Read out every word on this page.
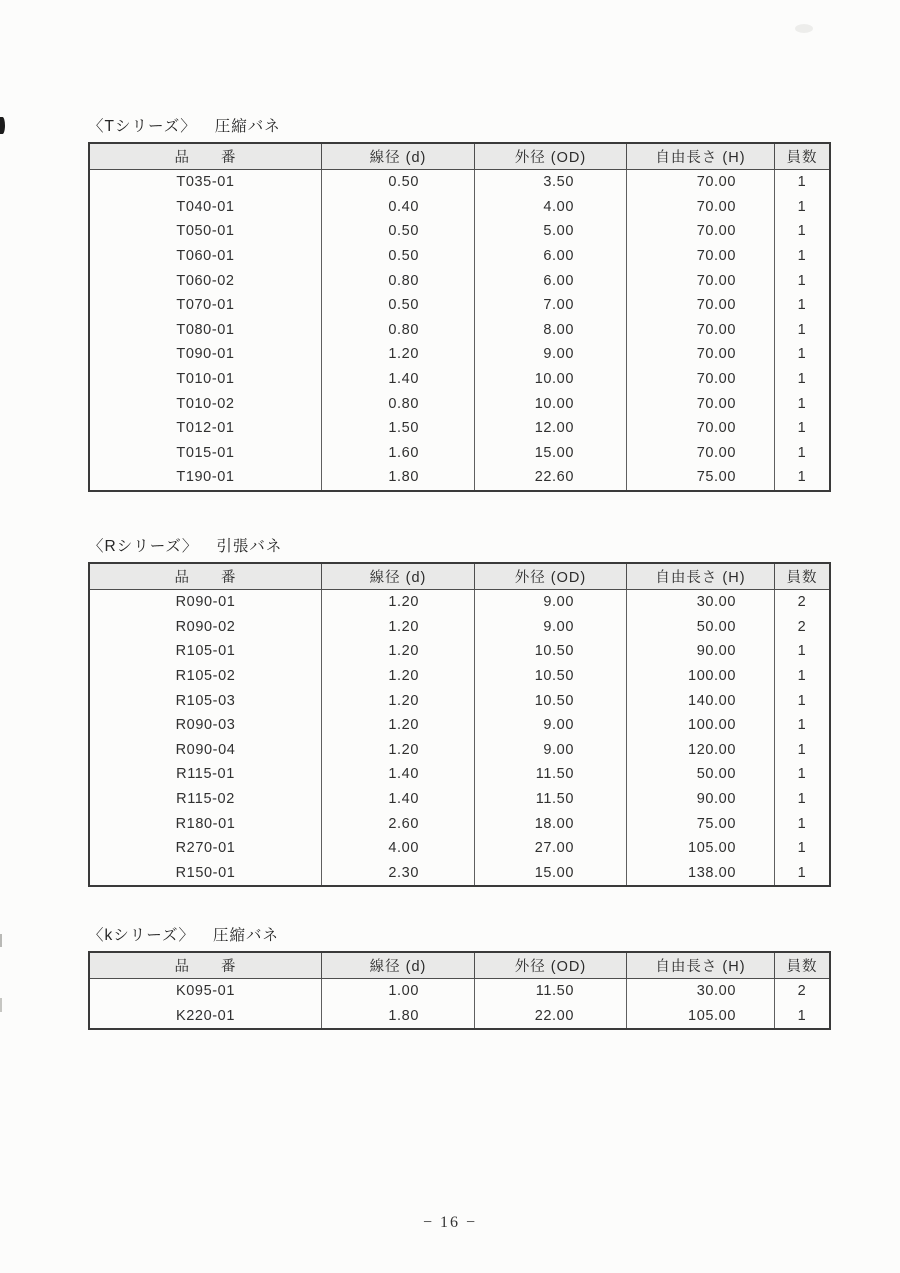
〈Tシリーズ〉 圧縮バネ
品　　番	線径 (d)	外径 (OD)	自由長さ (H)	員数
T035-01	0.50	3.50	70.00	1
T040-01	0.40	4.00	70.00	1
T050-01	0.50	5.00	70.00	1
T060-01	0.50	6.00	70.00	1
T060-02	0.80	6.00	70.00	1
T070-01	0.50	7.00	70.00	1
T080-01	0.80	8.00	70.00	1
T090-01	1.20	9.00	70.00	1
T010-01	1.40	10.00	70.00	1
T010-02	0.80	10.00	70.00	1
T012-01	1.50	12.00	70.00	1
T015-01	1.60	15.00	70.00	1
T190-01	1.80	22.60	75.00	1
〈Rシリーズ〉 引張バネ
品　　番	線径 (d)	外径 (OD)	自由長さ (H)	員数
R090-01	1.20	9.00	30.00	2
R090-02	1.20	9.00	50.00	2
R105-01	1.20	10.50	90.00	1
R105-02	1.20	10.50	100.00	1
R105-03	1.20	10.50	140.00	1
R090-03	1.20	9.00	100.00	1
R090-04	1.20	9.00	120.00	1
R115-01	1.40	11.50	50.00	1
R115-02	1.40	11.50	90.00	1
R180-01	2.60	18.00	75.00	1
R270-01	4.00	27.00	105.00	1
R150-01	2.30	15.00	138.00	1
〈kシリーズ〉 圧縮バネ
品　　番	線径 (d)	外径 (OD)	自由長さ (H)	員数
K095-01	1.00	11.50	30.00	2
K220-01	1.80	22.00	105.00	1
− 16 −
